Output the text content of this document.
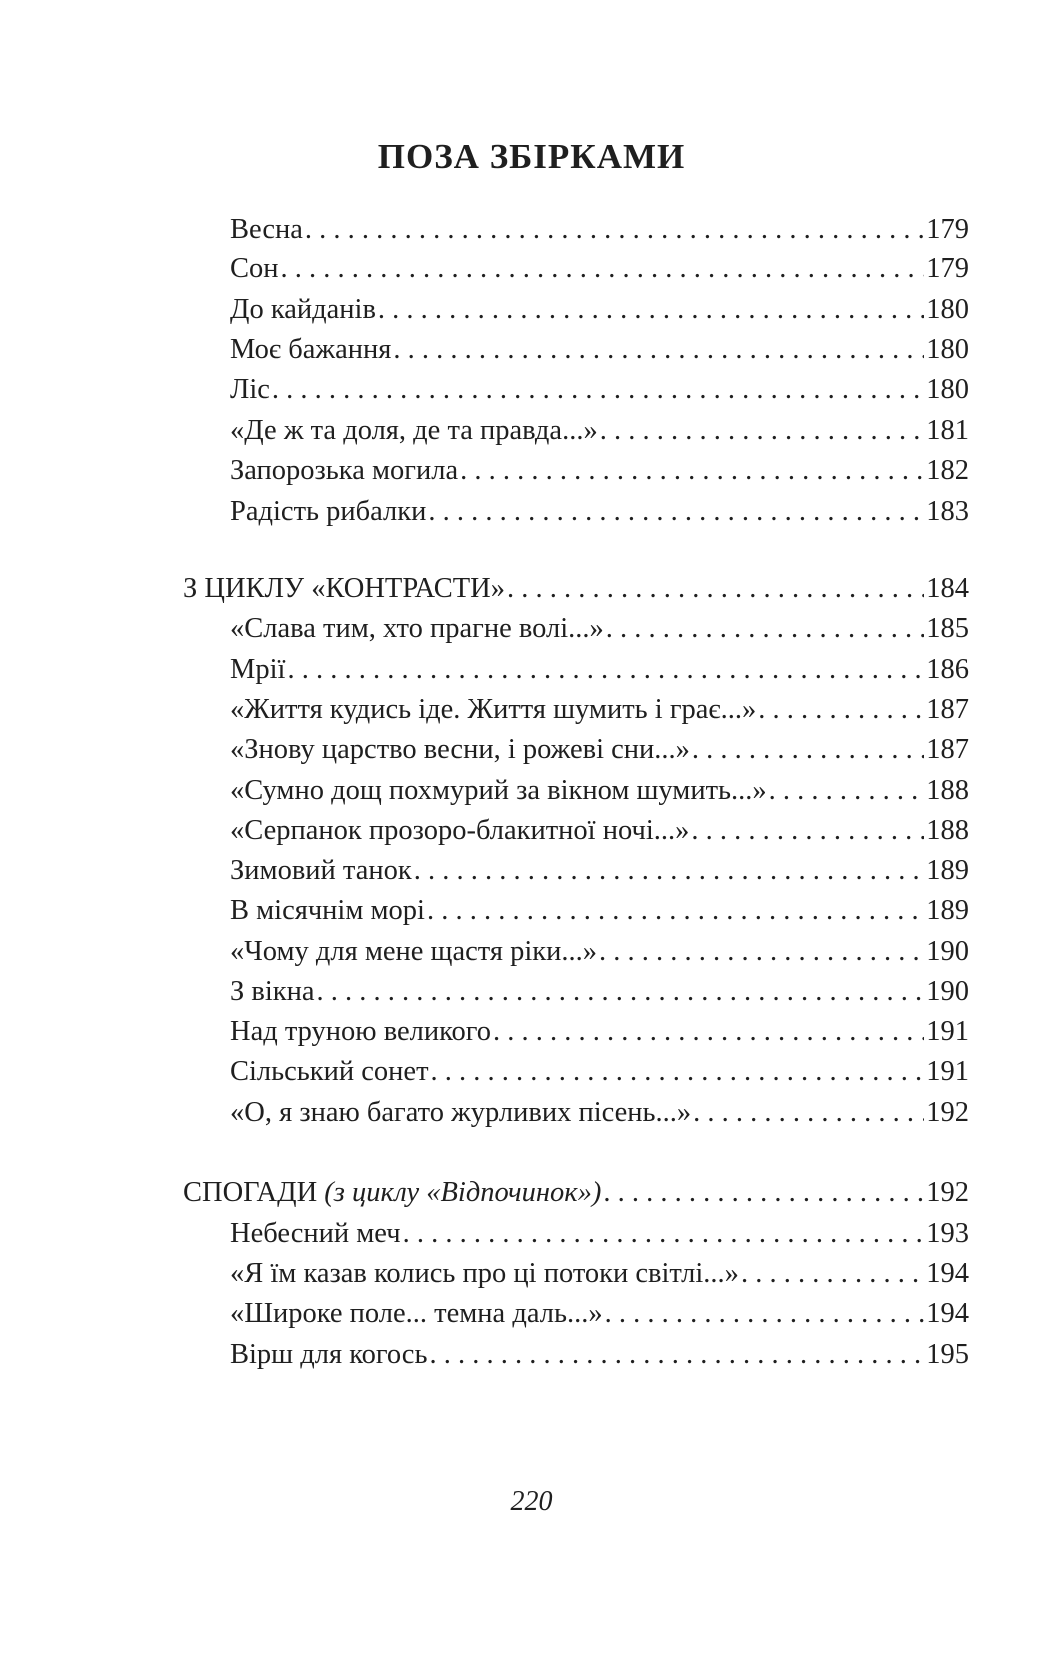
ПОЗА ЗБІРКАМИ
Весна . . .	179
Сон . . .	179
До кайданів . . .	180
Моє бажання . . .	180
Ліс . . .	180
«Де ж та доля, де та правда...» . . .	181
Запорозька могила . . .	182
Радість рибалки . . .	183
З ЦИКЛУ «КОНТРАСТИ» . . .	184
«Слава тим, хто прагне волі...» . . .	185
Мрії . . .	186
«Життя кудись іде. Життя шумить і грає...» . . .	187
«Знову царство весни, і рожеві сни...» . . .	187
«Сумно дощ похмурий за вікном шумить...» . . .	188
«Серпанок прозоро-блакитної ночі...» . . .	188
Зимовий танок . . .	189
В місячнім морі . . .	189
«Чому для мене щастя ріки...» . . .	190
З вікна . . .	190
Над труною великого . . .	191
Сільський сонет . . .	191
«О, я знаю багато журливих пісень...» . . .	192
СПОГАДИ (з циклу «Відпочинок») . . .	192
Небесний меч . . .	193
«Я їм казав колись про ці потоки світлі...» . . .	194
«Широке поле... темна даль...» . . .	194
Вірш для когось . . .	195
220
